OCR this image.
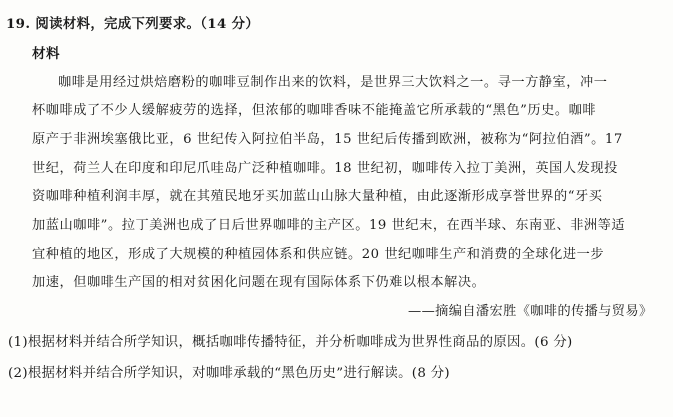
19. 阅读材料，完成下列要求。（14 分）
材料
咖啡是用经过烘焙磨粉的咖啡豆制作出来的饮料，是世界三大饮料之一。寻一方静室，冲一
杯咖啡成了不少人缓解疲劳的选择，但浓郁的咖啡香味不能掩盖它所承载的“黑色”历史。咖啡
原产于非洲埃塞俄比亚，6 世纪传入阿拉伯半岛，15 世纪后传播到欧洲，被称为“阿拉伯酒”。17
世纪，荷兰人在印度和印尼爪哇岛广泛种植咖啡。18 世纪初，咖啡传入拉丁美洲，英国人发现投
资咖啡种植利润丰厚，就在其殖民地牙买加蓝山山脉大量种植，由此逐渐形成享誉世界的“牙买
加蓝山咖啡”。拉丁美洲也成了日后世界咖啡的主产区。19 世纪末，在西半球、东南亚、非洲等适
宜种植的地区，形成了大规模的种植园体系和供应链。20 世纪咖啡生产和消费的全球化进一步
加速，但咖啡生产国的相对贫困化问题在现有国际体系下仍难以根本解决。
——摘编自潘宏胜《咖啡的传播与贸易》
(1)根据材料并结合所学知识，概括咖啡传播特征，并分析咖啡成为世界性商品的原因。(6 分)
(2)根据材料并结合所学知识，对咖啡承载的“黑色历史”进行解读。(8 分)
